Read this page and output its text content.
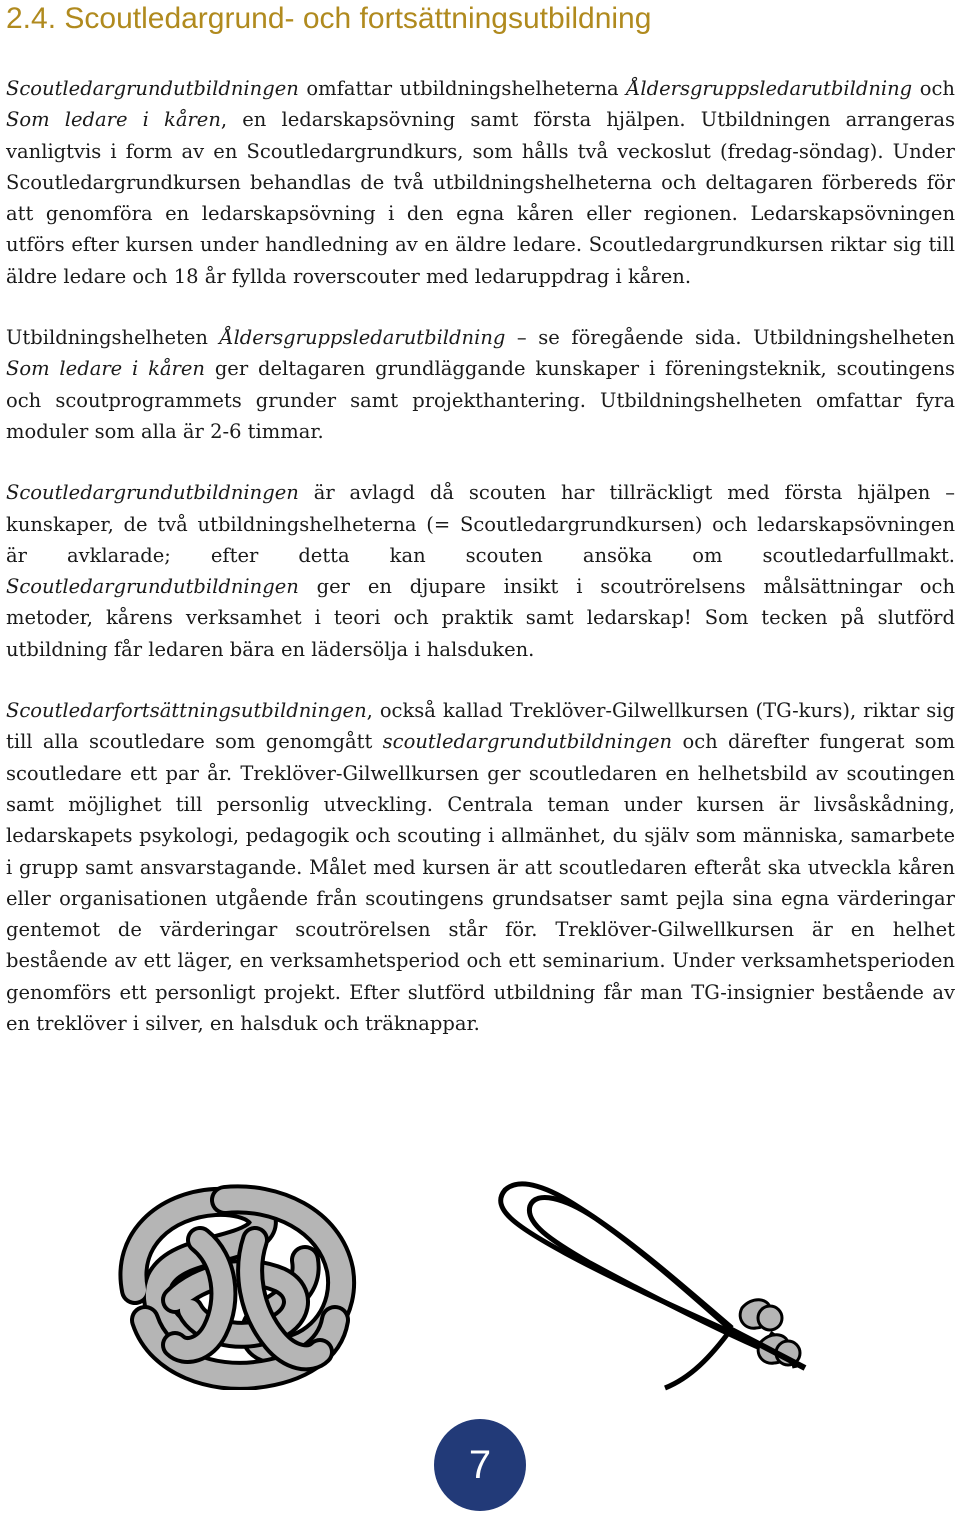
2.4. Scoutledargrund- och fortsättningsutbildning

Scoutledargrundutbildningen omfattar utbildningshelheterna Åldersgruppsledarutbildning och Som ledare i kåren, en ledarskapsövning samt första hjälpen. Utbildningen arrangeras vanligtvis i form av en Scoutledargrundkurs, som hålls två veckoslut (fredag-söndag). Under Scoutledargrundkursen behandlas de två utbildningshelheterna och deltagaren förbereds för att genomföra en ledarskapsövning i den egna kåren eller regionen. Ledarskapsövningen utförs efter kursen under handledning av en äldre ledare. Scoutledargrundkursen riktar sig till äldre ledare och 18 år fyllda roverscouter med ledaruppdrag i kåren.

Utbildningshelheten Åldersgruppsledarutbildning – se föregående sida. Utbildningshelheten Som ledare i kåren ger deltagaren grundläggande kunskaper i föreningsteknik, scoutingens och scoutprogrammets grunder samt projekthantering. Utbildningshelheten omfattar fyra moduler som alla är 2-6 timmar.

Scoutledargrundutbildningen är avlagd då scouten har tillräckligt med första hjälpen – kunskaper, de två utbildningshelheterna (= Scoutledargrundkursen) och ledarskapsövningen är avklarade; efter detta kan scouten ansöka om scoutledarfullmakt. Scoutledargrundutbildningen ger en djupare insikt i scoutrörelsens målsättningar och metoder, kårens verksamhet i teori och praktik samt ledarskap! Som tecken på slutförd utbildning får ledaren bära en lädersölja i halsduken.

Scoutledarfortsättningsutbildningen, också kallad Treklöver-Gilwellkursen (TG-kurs), riktar sig till alla scoutledare som genomgått scoutledargrundutbildningen och därefter fungerat som scoutledare ett par år. Treklöver-Gilwellkursen ger scoutledaren en helhetsbild av scoutingen samt möjlighet till personlig utveckling. Centrala teman under kursen är livsåskådning, ledarskapets psykologi, pedagogik och scouting i allmänhet, du själv som människa, samarbete i grupp samt ansvarstagande. Målet med kursen är att scoutledaren efteråt ska utveckla kåren eller organisationen utgående från scoutingens grundsatser samt pejla sina egna värderingar gentemot de värderingar scoutrörelsen står för. Treklöver-Gilwellkursen är en helhet bestående av ett läger, en verksamhetsperiod och ett seminarium. Under verksamhetsperioden genomförs ett personligt projekt. Efter slutförd utbildning får man TG-insignier bestående av en treklöver i silver, en halsduk och träknappar.

7
